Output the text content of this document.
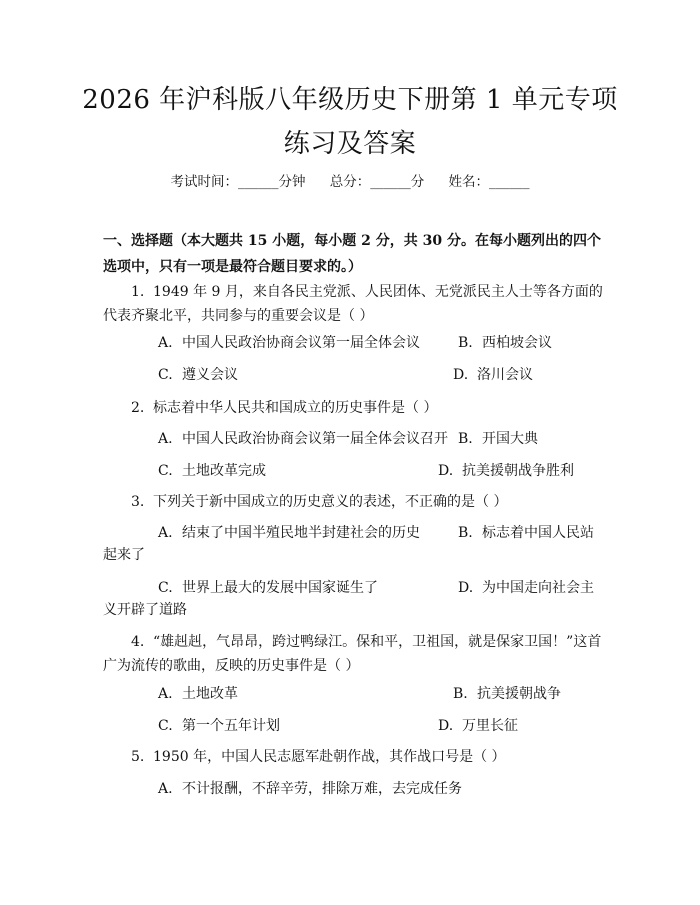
2026 年沪科版八年级历史下册第 1 单元专项
练习及答案
考试时间：______分钟 总分：______分 姓名：______
一、选择题（本大题共 15 小题，每小题 2 分，共 30 分。在每小题列出的四个选项中，只有一项是最符合题目要求的。）
1. 1949 年 9 月，来自各民主党派、人民团体、无党派民主人士等各方面的代表齐聚北平，共同参与的重要会议是（ ）
A. 中国人民政治协商会议第一届全体会议	B. 西柏坡会议
C. 遵义会议	D. 洛川会议
2. 标志着中华人民共和国成立的历史事件是（ ）
A. 中国人民政治协商会议第一届全体会议召开 B. 开国大典
C. 土地改革完成	D. 抗美援朝战争胜利
3. 下列关于新中国成立的历史意义的表述，不正确的是（ ）
A. 结束了中国半殖民地半封建社会的历史	B. 标志着中国人民站
起来了
C. 世界上最大的发展中国家诞生了	D. 为中国走向社会主
义开辟了道路
4. “雄赳赳，气昂昂，跨过鸭绿江。保和平，卫祖国，就是保家卫国！”这首广为流传的歌曲，反映的历史事件是（ ）
A. 土地改革	B. 抗美援朝战争
C. 第一个五年计划	D. 万里长征
5. 1950 年，中国人民志愿军赴朝作战，其作战口号是（ ）
A. 不计报酬，不辞辛劳，排除万难，去完成任务
